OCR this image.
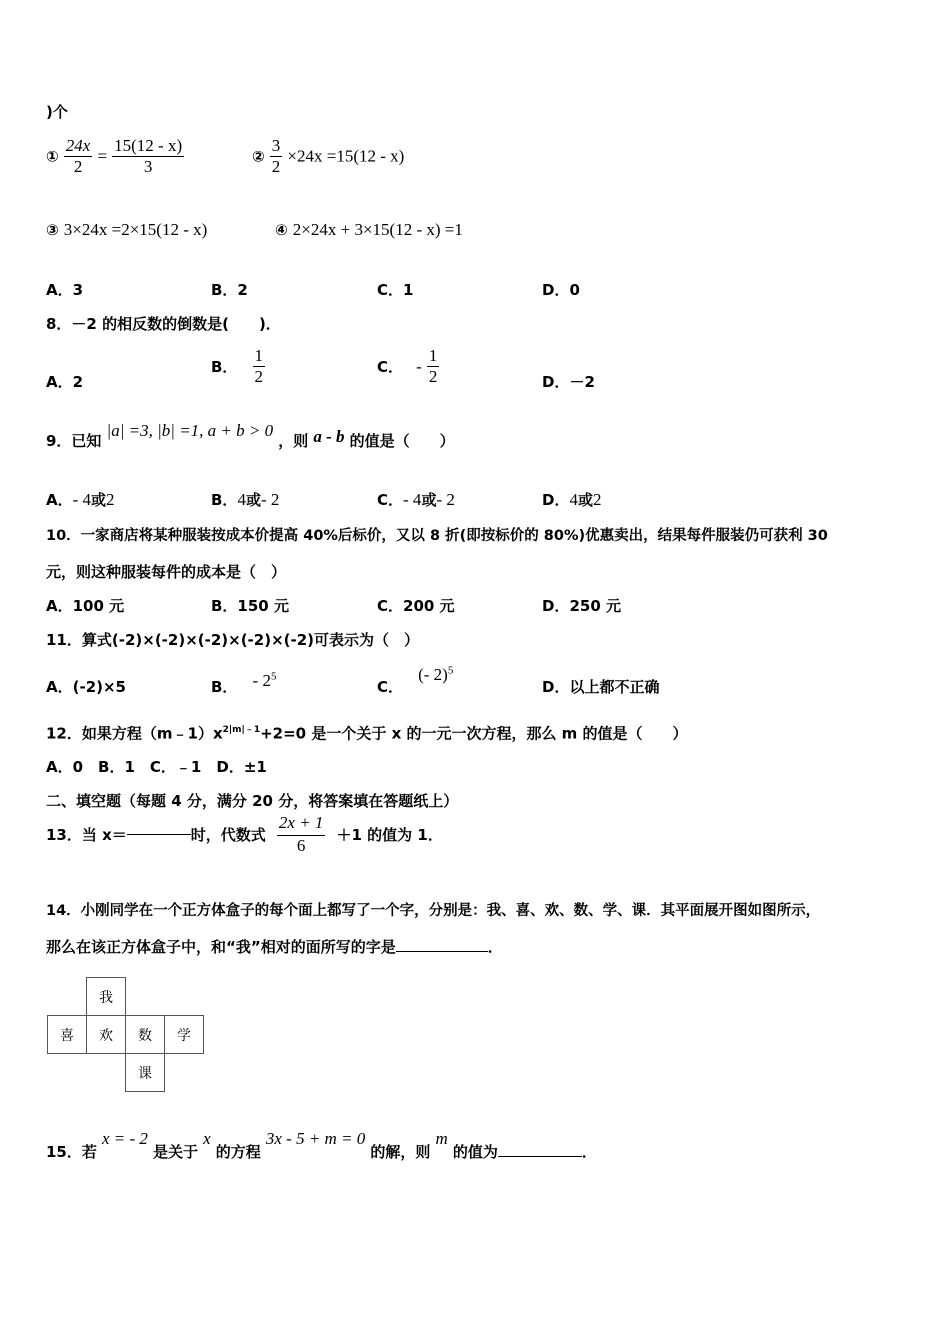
)个
① $\frac{24x}{2} = \frac{15(12 - x)}{3}$	② $\frac{3}{2} \times 24x =15(12 - x)$
③ 3×24x =2×15(12 - x)	④ 2×24x + 3×15(12 - x) =1
A．3	B．2	C．1	D．0
8．－2 的相反数的倒数是(　　)．
A．2
B． $\frac{1}{2}$	C． - $\frac{1}{2}$	D．－2
9．已知 |a| =3, |b| =1, a + b > 0 ，则 a - b 的值是（　　）
A．- 4或2	B．4或- 2	C．- 4或- 2	D．4或2
10．一家商店将某种服装按成本价提高 40%后标价，又以 8 折(即按标价的 80%)优惠卖出，结果每件服装仍可获利 30
元，则这种服装每件的成本是（　）
A．100 元	B．150 元	C．200 元	D．250 元
11．算式(-2)×(-2)×(-2)×(-2)×(-2)可表示为（　）
A．(-2)×5	B． - $2^5$
C． (- 2)$^5$
D．以上都不正确
12．如果方程$(m﹣1)x^{2|m|﹣1}+2=0$ 是一个关于 x 的一元一次方程，那么 m 的值是（　　）
A．0　B．1　C．﹣1　D．±1
二、填空题（每题 4 分，满分 20 分，将答案填在答题纸上）
13．当 x＝	时，代数式 $\frac{2x + 1}{6} +1$ 的值为 1．
14．小刚同学在一个正方体盒子的每个面上都写了一个字，分别是：我、喜、欢、数、学、课．其平面展开图如图所示，
那么在该正方体盒子中，和“我”相对的面所写的字是	．
	我		
喜	欢	数	学
		课	
15．若 x = - 2 是关于 x 的方程 3x - 5 + m = 0 的解，则 m 的值为	．
